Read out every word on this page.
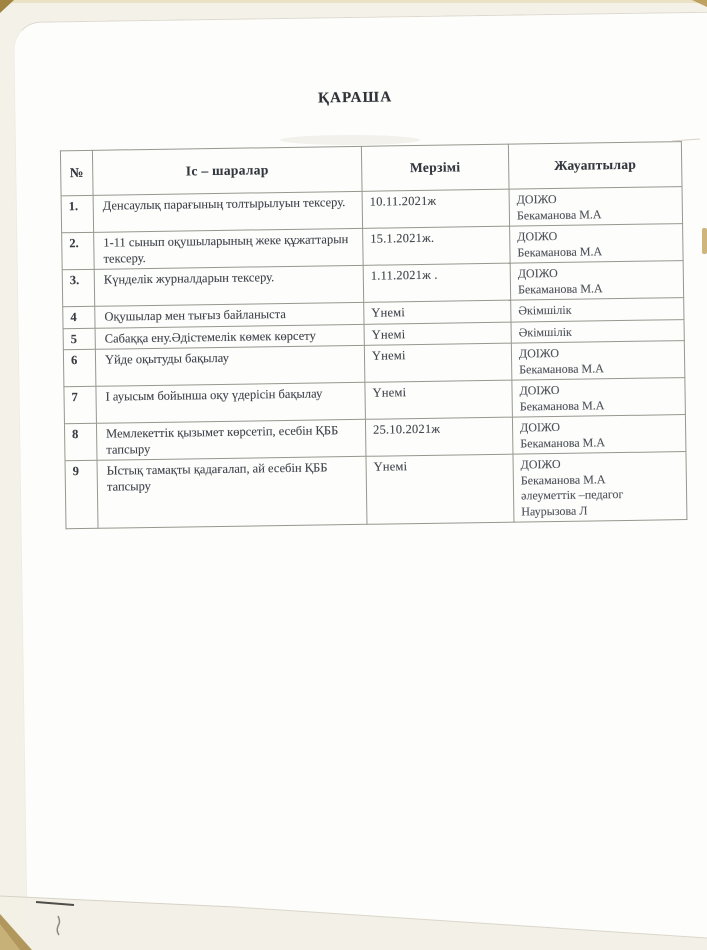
ҚАРАША
№	Іс – шаралар	Мерзімі	Жауаптылар
1.	Денсаулық парағының толтырылуын тексеру.	10.11.2021ж	ДОІЖО
Бекаманова М.А
2.	1-11 сынып оқушыларының жеке құжаттарын тексеру.	15.1.2021ж.	ДОІЖО
Бекаманова М.А
3.	Күнделік журналдарын тексеру.	1.11.2021ж .	ДОІЖО
Бекаманова М.А
4	Оқушылар мен тығыз байланыста	Үнемі	Әкімшілік
5	Сабаққа ену.Әдістемелік көмек көрсету	Үнемі	Әкімшілік
6	Үйде оқытуды бақылау	Үнемі	ДОІЖО
Бекаманова М.А
7	І ауысым бойынша оқу үдерісін бақылау	Үнемі	ДОІЖО
Бекаманова М.А
8	Мемлекеттік қызымет көрсетіп, есебін ҚББ тапсыру	25.10.2021ж	ДОІЖО
Бекаманова М.А
9	Ыстық тамақты қадағалап, ай есебін ҚББ тапсыру	Үнемі	ДОІЖО
Бекаманова М.А
әлеуметтік –педагог
Наурызова Л
